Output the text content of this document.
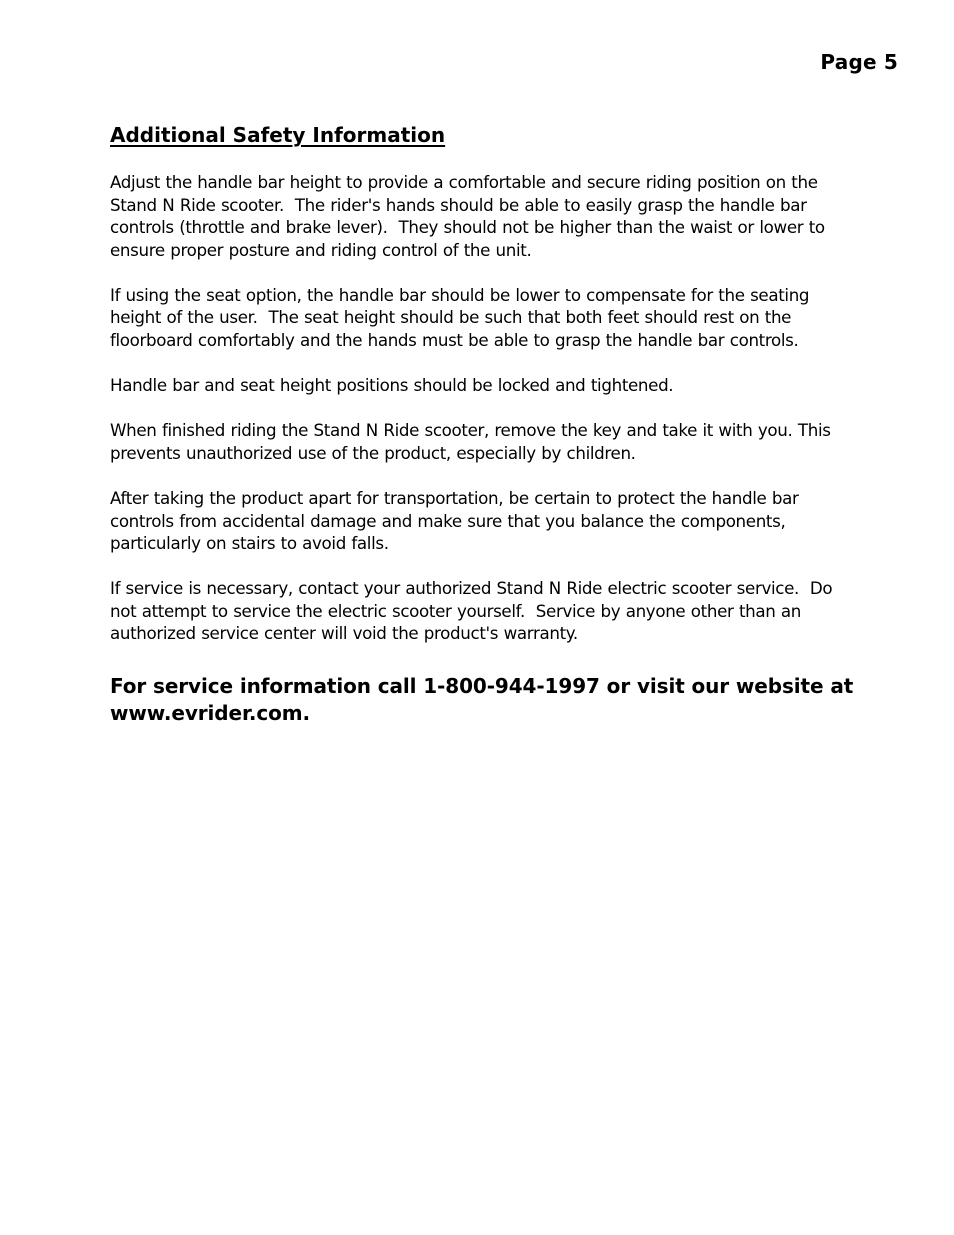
Page 5
Additional Safety Information

Adjust the handle bar height to provide a comfortable and secure riding position on the Stand N Ride scooter.  The rider's hands should be able to easily grasp the handle bar controls (throttle and brake lever).  They should not be higher than the waist or lower to ensure proper posture and riding control of the unit.

If using the seat option, the handle bar should be lower to compensate for the seating height of the user.  The seat height should be such that both feet should rest on the floorboard comfortably and the hands must be able to grasp the handle bar controls.

Handle bar and seat height positions should be locked and tightened.

When finished riding the Stand N Ride scooter, remove the key and take it with you. This prevents unauthorized use of the product, especially by children.

After taking the product apart for transportation, be certain to protect the handle bar controls from accidental damage and make sure that you balance the components, particularly on stairs to avoid falls.

If service is necessary, contact your authorized Stand N Ride electric scooter service.  Do not attempt to service the electric scooter yourself.  Service by anyone other than an authorized service center will void the product's warranty.

For service information call 1-800-944-1997 or visit our website at www.evrider.com.
